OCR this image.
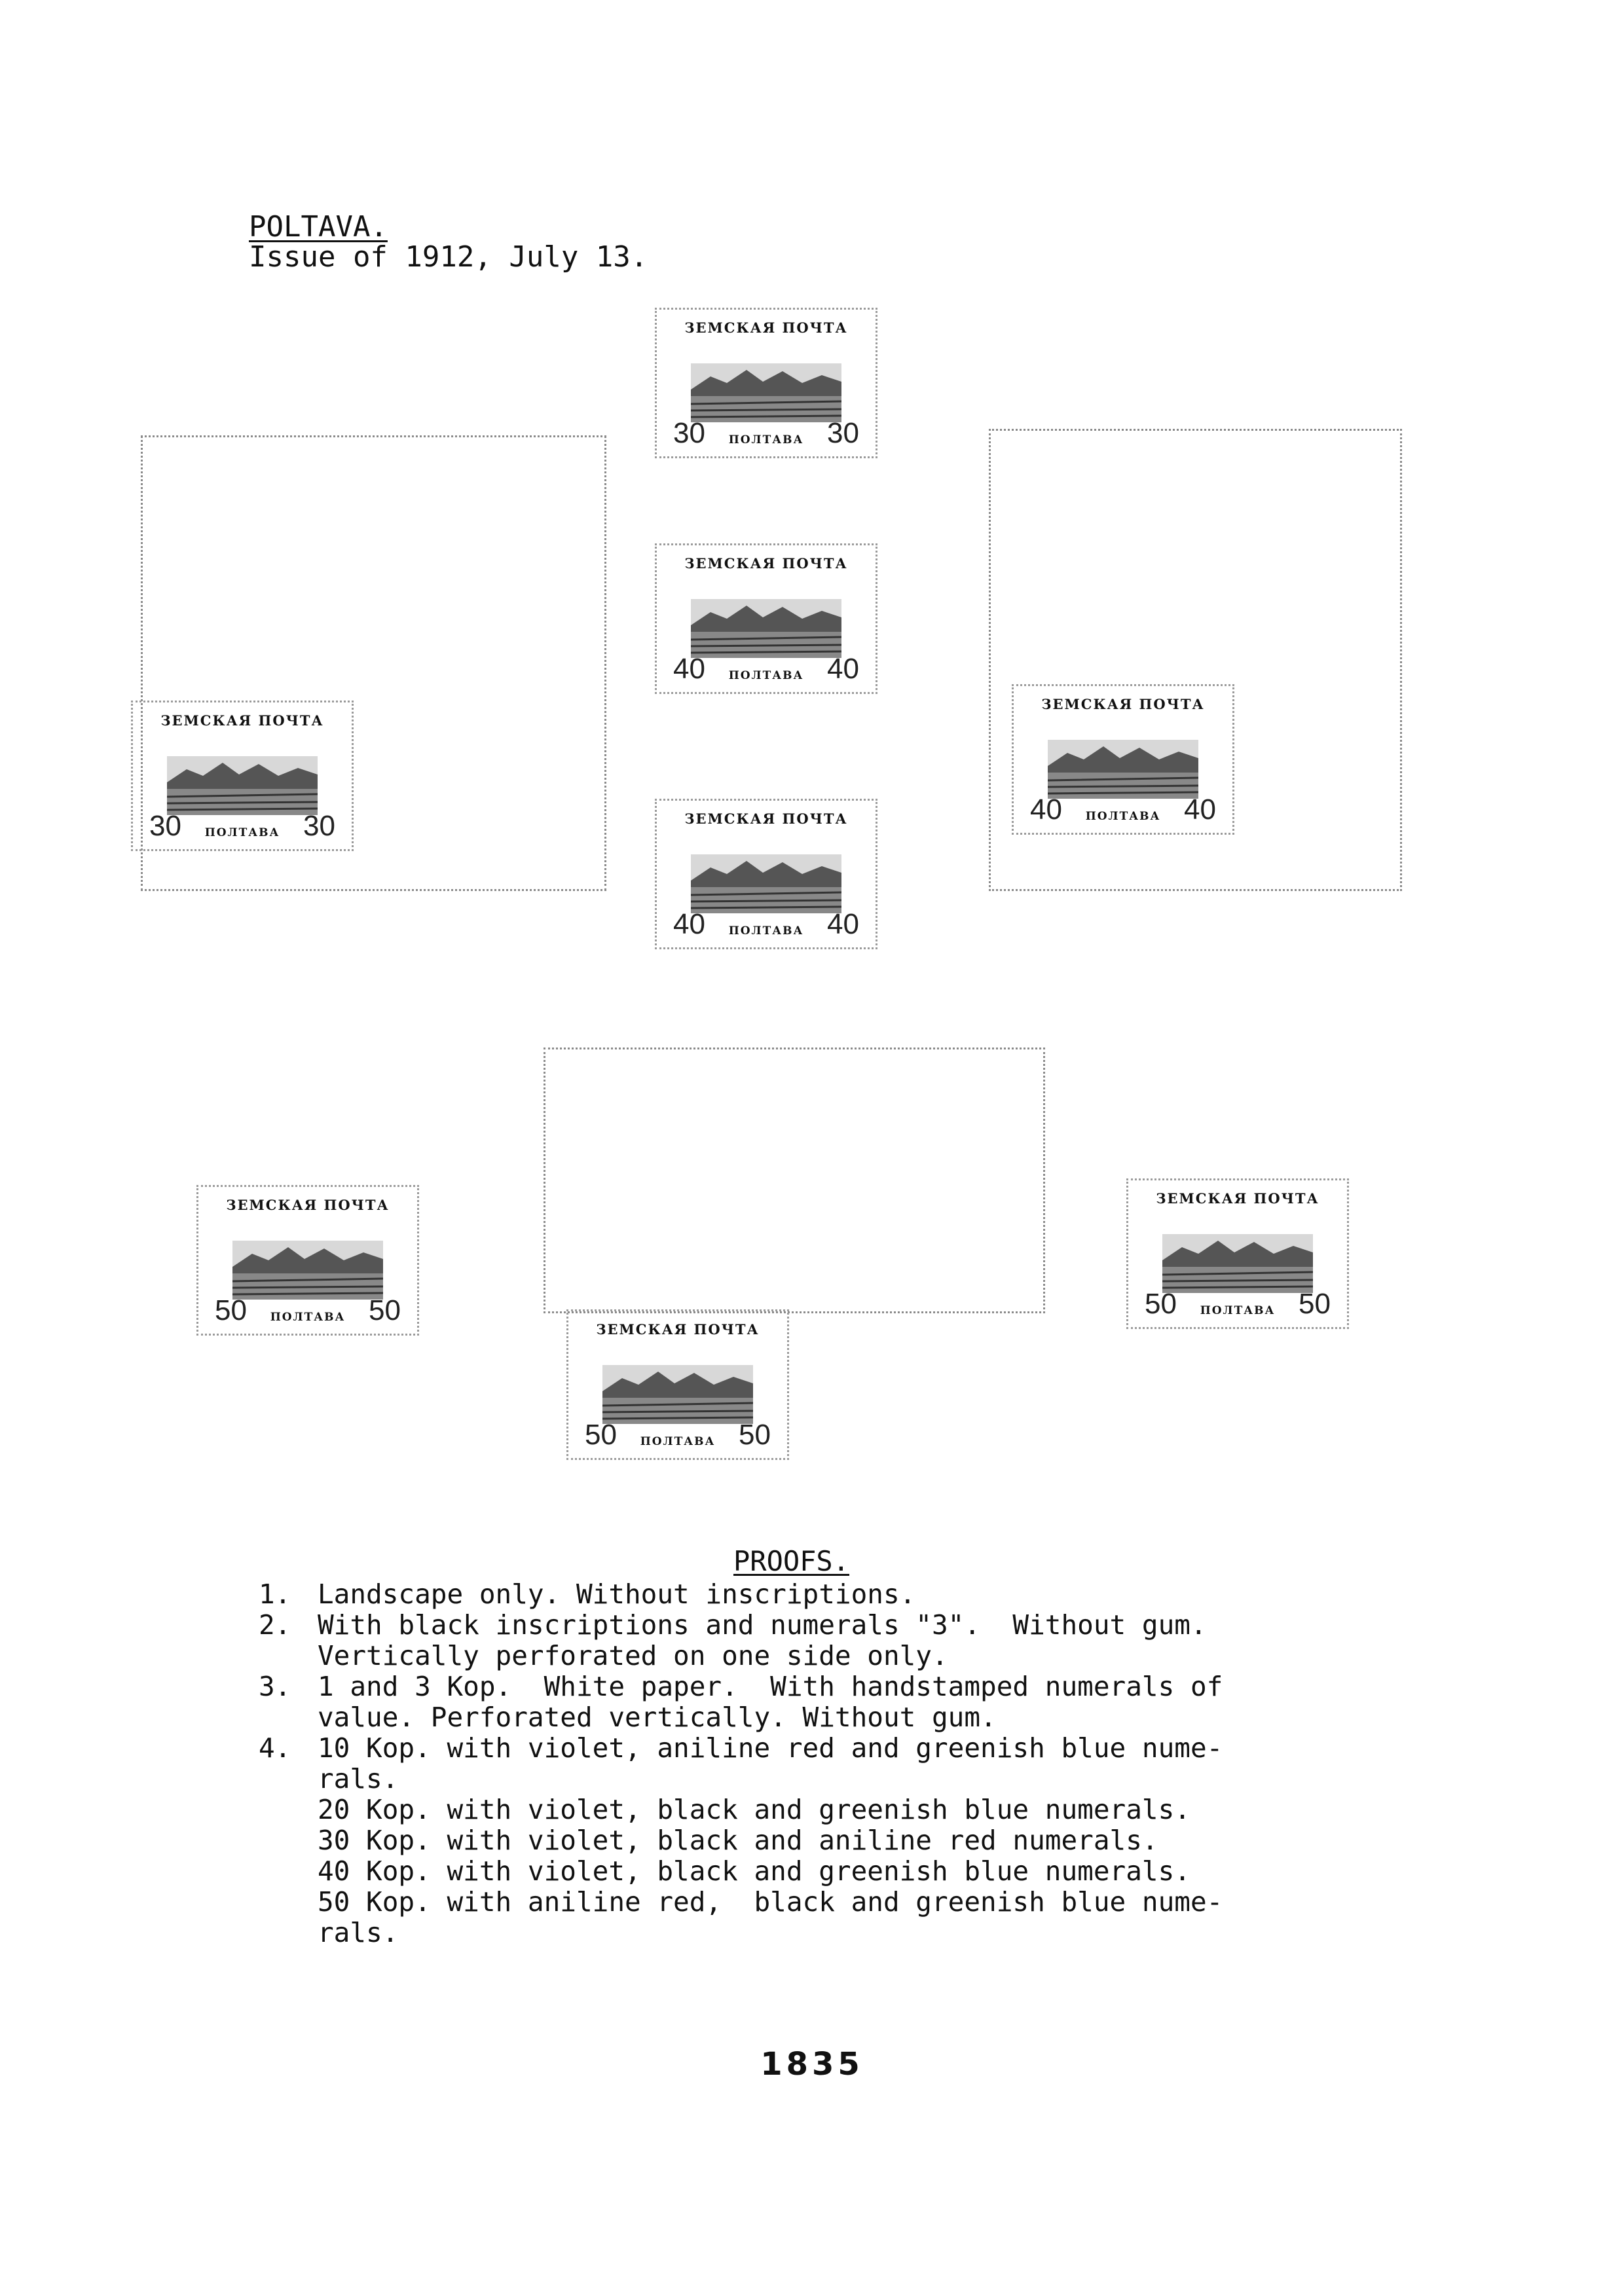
POLTAVA.
Issue of 1912, July 13.
ЗЕМСКАЯ ПОЧТА
30	30
ПОЛТАВА
ЗЕМСКАЯ ПОЧТА
40	40
ПОЛТАВА
ЗЕМСКАЯ ПОЧТА
40	40
ПОЛТАВА
ЗЕМСКАЯ ПОЧТА
30	30
ПОЛТАВА
ЗЕМСКАЯ ПОЧТА
40	40
ПОЛТАВА
ЗЕМСКАЯ ПОЧТА
50	50
ПОЛТАВА
ЗЕМСКАЯ ПОЧТА
50	50
ПОЛТАВА
ЗЕМСКАЯ ПОЧТА
50	50
ПОЛТАВА
PROOFS.
1. Landscape only. Without inscriptions.
2. With black inscriptions and numerals "3".  Without gum.
Vertically perforated on one side only.
3. 1 and 3 Kop.  White paper.  With handstamped numerals of
value. Perforated vertically. Without gum.
4. 10 Kop. with violet, aniline red and greenish blue nume-
rals.
20 Kop. with violet, black and greenish blue numerals.
30 Kop. with violet, black and aniline red numerals.
40 Kop. with violet, black and greenish blue numerals.
50 Kop. with aniline red,  black and greenish blue nume-
rals.
1835
